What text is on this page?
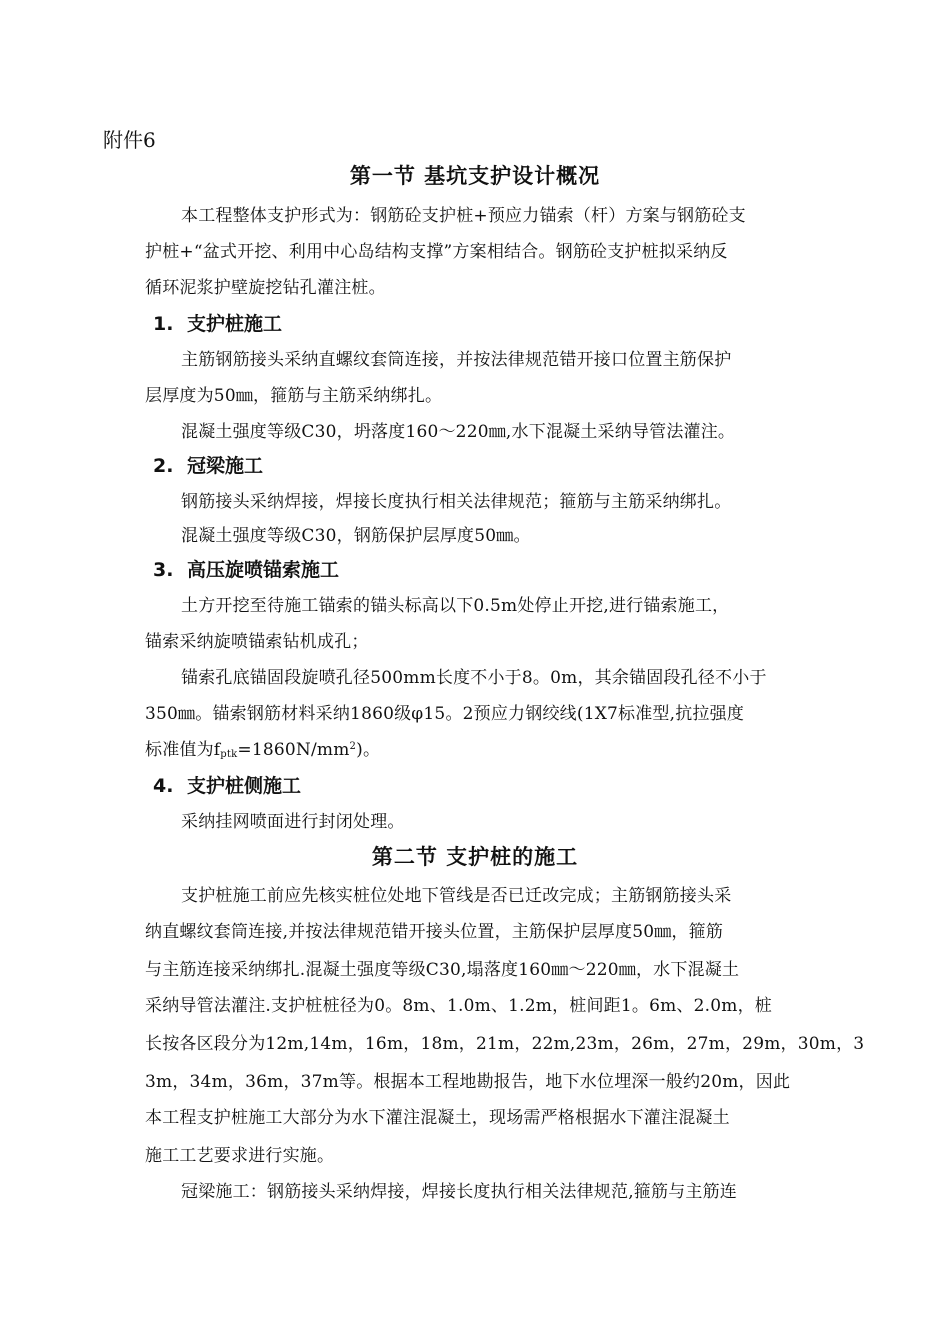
附件6
第一节 基坑支护设计概况
本工程整体支护形式为：钢筋砼支护桩+预应力锚索（杆）方案与钢筋砼支
护桩+“盆式开挖、利用中心岛结构支撑”方案相结合。钢筋砼支护桩拟采纳反
循环泥浆护壁旋挖钻孔灌注桩。
1. 支护桩施工
主筋钢筋接头采纳直螺纹套筒连接，并按法律规范错开接口位置主筋保护
层厚度为50㎜，箍筋与主筋采纳绑扎。
混凝土强度等级C30，坍落度160～220㎜,水下混凝土采纳导管法灌注。
2. 冠梁施工
钢筋接头采纳焊接，焊接长度执行相关法律规范；箍筋与主筋采纳绑扎。
混凝土强度等级C30，钢筋保护层厚度50㎜。
3. 高压旋喷锚索施工
土方开挖至待施工锚索的锚头标高以下0.5m处停止开挖,进行锚索施工，
锚索采纳旋喷锚索钻机成孔；
锚索孔底锚固段旋喷孔径500mm长度不小于8。0m，其余锚固段孔径不小于
350㎜。锚索钢筋材料采纳1860级φ15。2预应力钢绞线(1X7标准型,抗拉强度
标准值为$f_{ptk}=1860N/mm^2$)。
4. 支护桩侧施工
采纳挂网喷面进行封闭处理。
第二节 支护桩的施工
支护桩施工前应先核实桩位处地下管线是否已迁改完成；主筋钢筋接头采
纳直螺纹套筒连接,并按法律规范错开接头位置，主筋保护层厚度50㎜，箍筋
与主筋连接采纳绑扎.混凝土强度等级C30,塌落度160㎜～220㎜，水下混凝土
采纳导管法灌注.支护桩桩径为0。8m、1.0m、1.2m，桩间距1。6m、2.0m，桩
长按各区段分为12m,14m，16m，18m，21m，22m,23m，26m，27m，29m，30m，3
3m，34m，36m，37m等。根据本工程地勘报告，地下水位埋深一般约20m，因此
本工程支护桩施工大部分为水下灌注混凝土，现场需严格根据水下灌注混凝土
施工工艺要求进行实施。
冠梁施工：钢筋接头采纳焊接，焊接长度执行相关法律规范,箍筋与主筋连
